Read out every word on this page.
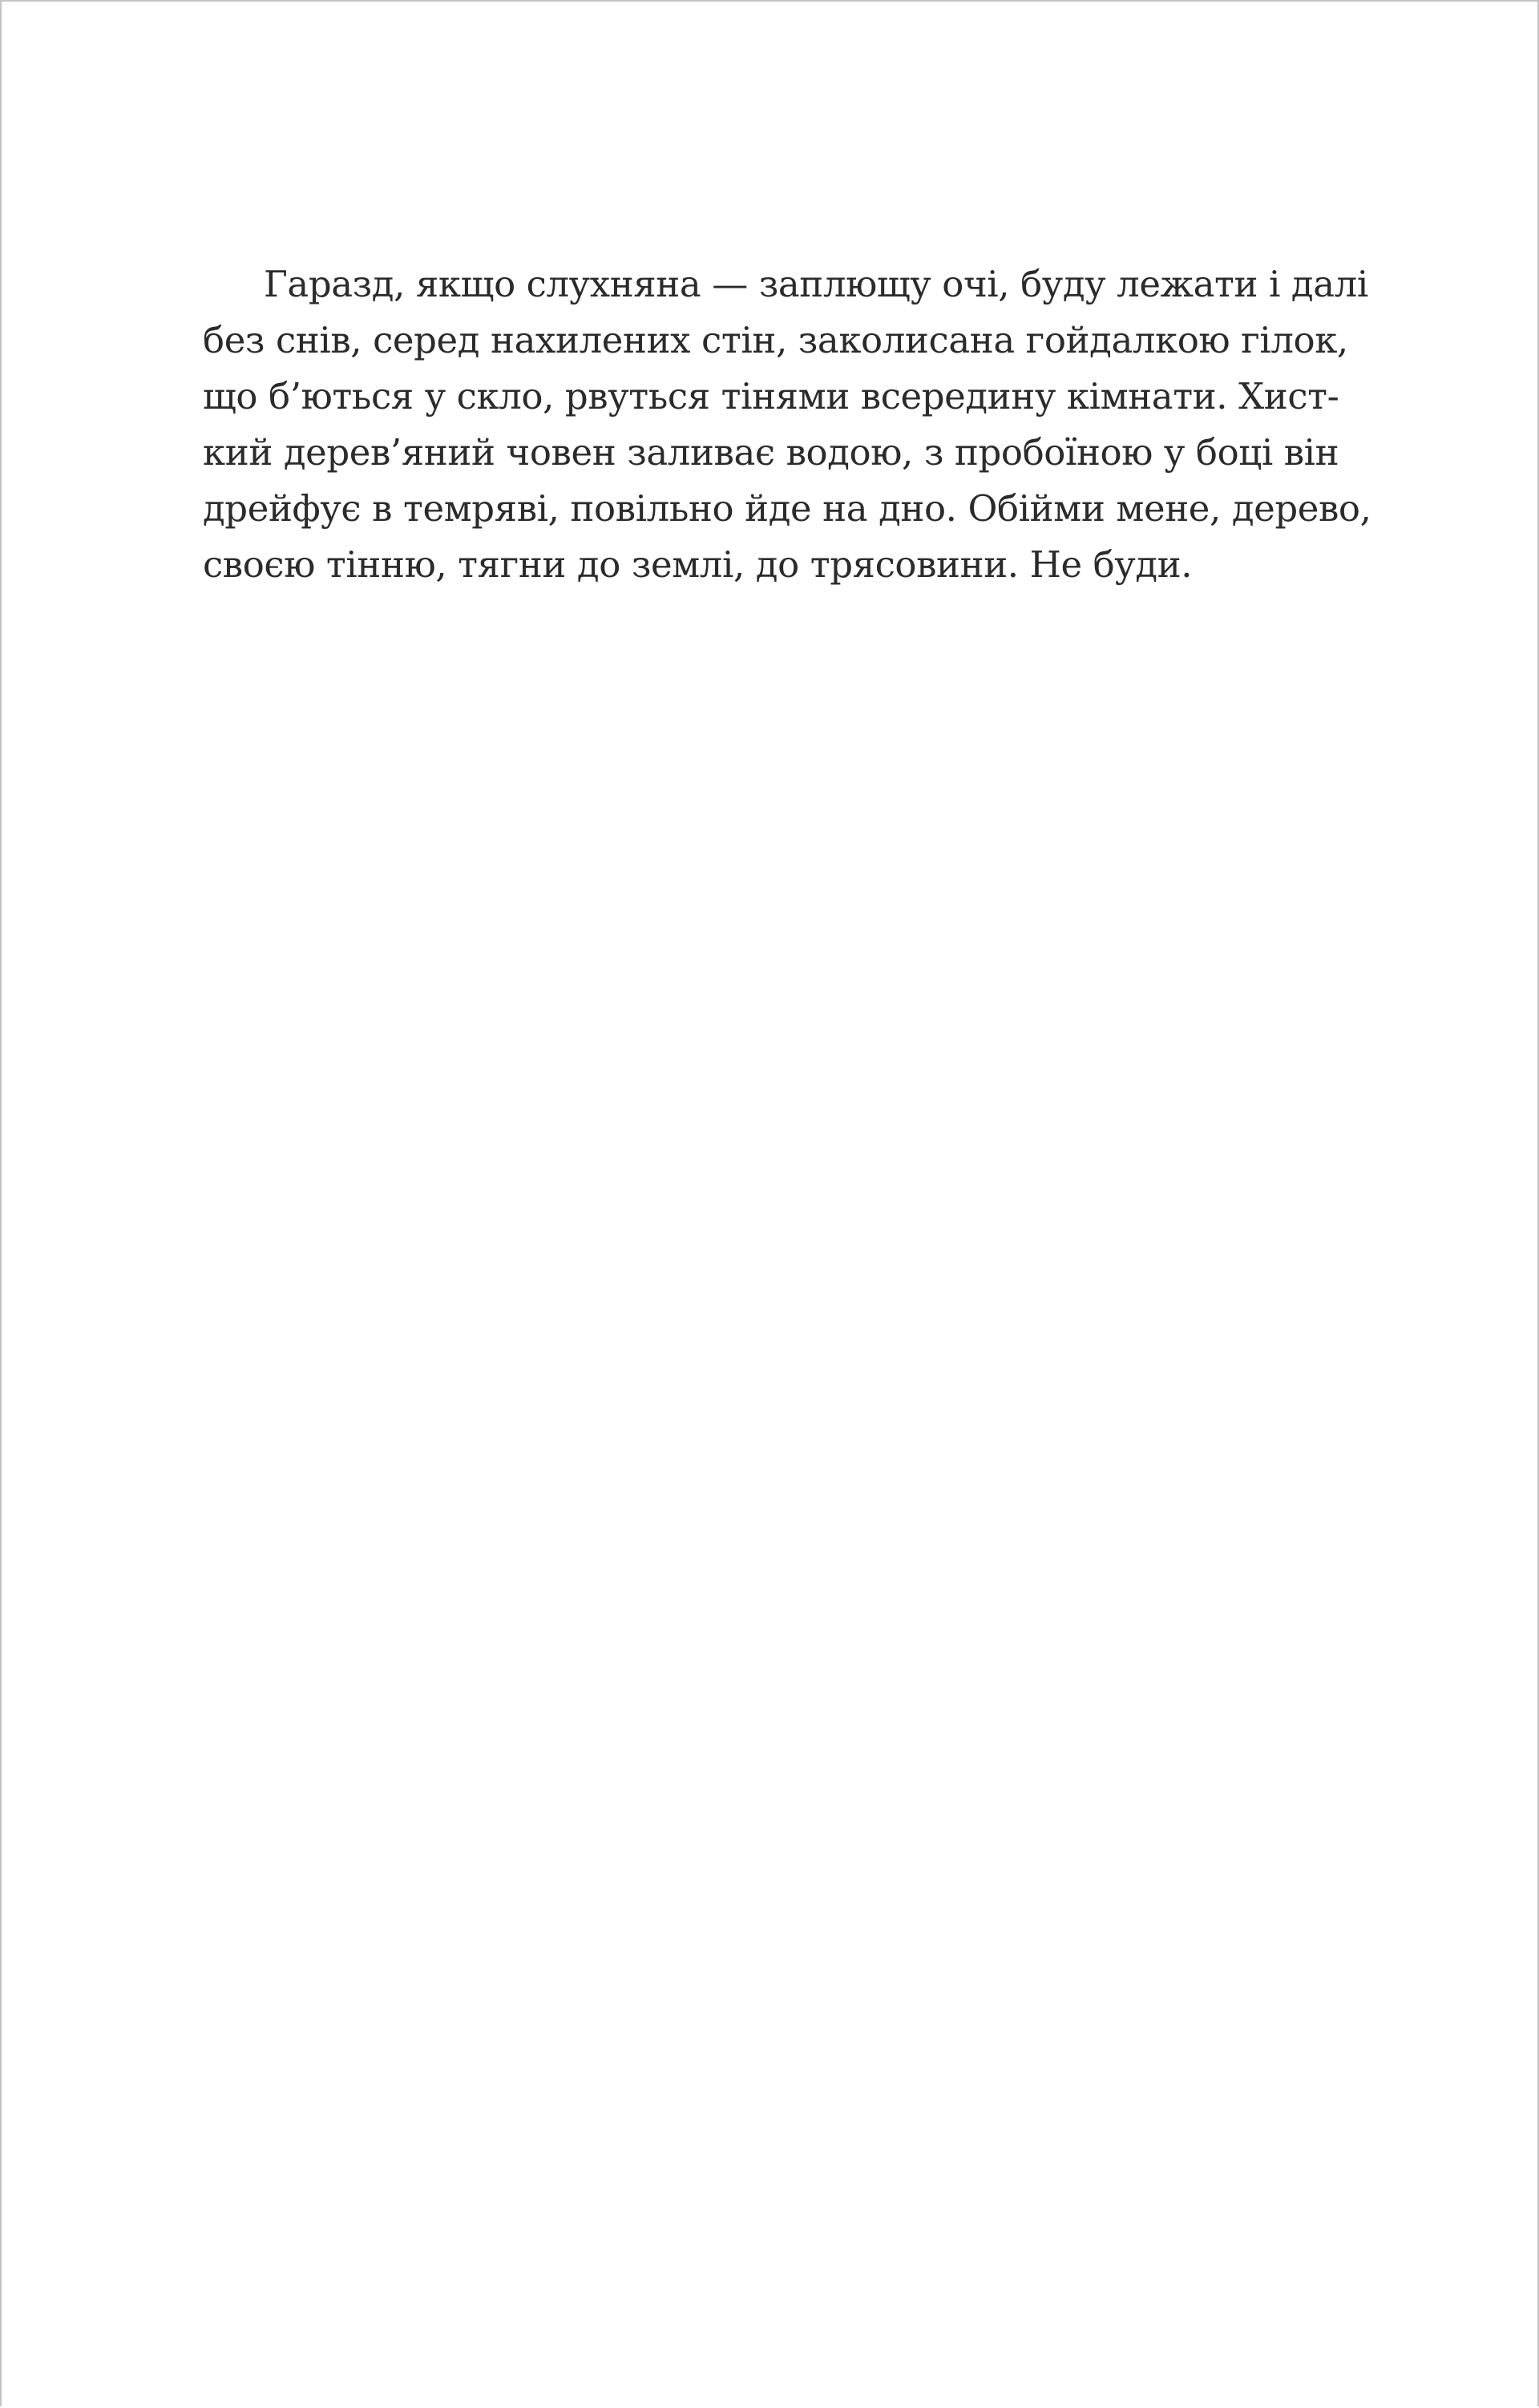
Гаразд, якщо слухняна — заплющу очі, буду лежати і далі
без снів, серед нахилених стін, заколисана гойдалкою гілок,
що б’ються у скло, рвуться тінями всередину кімнати. Хист-
кий дерев’яний човен заливає водою, з пробоїною у боці він
дрейфує в темряві, повільно йде на дно. Обійми мене, дерево,
своєю тінню, тягни до землі, до трясовини. Не буди.
